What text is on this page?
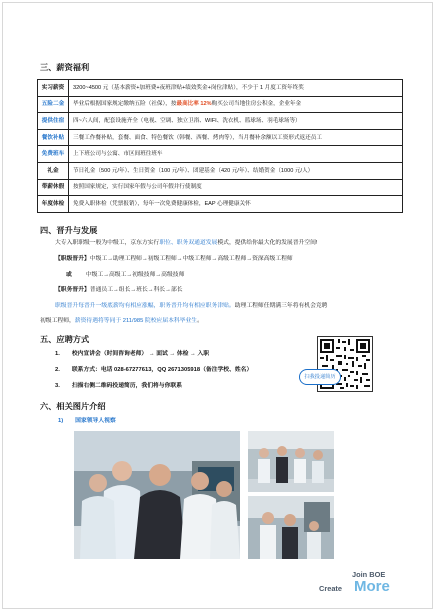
三、薪资福利
实习薪资	3200~4500 元（基本薪资+加班费+夜班津贴+绩效奖金+岗位津贴），不少于 1 月度工资年终奖
五险二金	毕业后根据国家规定缴纳五险（社保），按最高比率 12%购买公司当地住房公积金，企业年金
提供住宿	四~六人间，配套设施齐全（电视、空调、独立卫浴、WIFI、洗衣机、篮球场、羽毛球场等）
餐饮补贴	三餐工作餐补贴，套餐、面食、特色餐饮（韩餐、西餐、烤肉等），当月餐补余额以工资形式返还员工
免费班车	上下班公司与公寓、市区间班往班车
礼金	节日礼金（500 元/年）、生日贺金（100 元/年）、团建基金（420 元/年）、结婚贺金（1000 元/人）
带薪休假	按照国家规定，实行国家年假与公司年假并行使制度
年度体检	免费入职体检（凭票报销），每年一次免费健康体检，EAP 心理健康关怀
四、晋升与发展
大专入职职级一般为中级工，京东方实行职位、职务双通道发展模式，提供给你最大化的发展晋升空间!
【职级晋升】中级工→助理工程师→初级工程师→中级工程师→高级工程师→资深高级工程师
或 中级工→高级工→初级技师→高级技师
【职务晋升】普通员工→组长→班长→科长→部长
职级晋升每晋升一级底薪均有相应涨幅，职务晋升均有相应职务津贴。助理工程师任期满三年将有机会竞聘
初级工程师，薪资待遇将等同于 211/985 院校应届本科毕业生。
五、应聘方式
1. 校内宣讲会（时间咨询老师） → 面试 → 体检 → 入职
2. 联系方式：电话 028-67277613，QQ 2671305918（备注学校、姓名）
3. 扫描右侧二维码投递简历，我们将与你联系
扫我投递简历
六、相关图片介绍
1) 国家领导人视察
Join BOE
Create More
